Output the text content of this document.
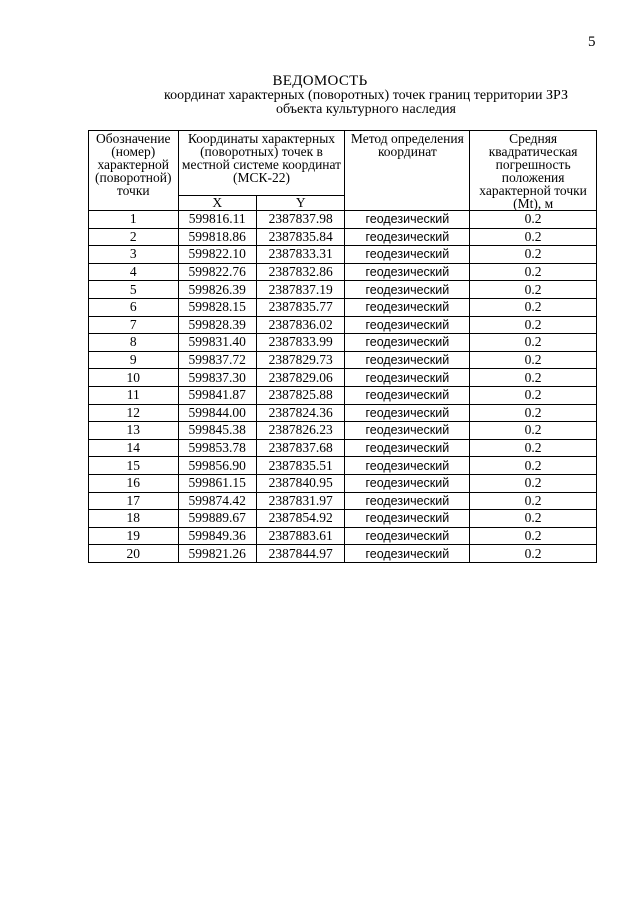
5
ВЕДОМОСТЬ
координат характерных (поворотных) точек границ территории ЗРЗ объекта культурного наследия
Обозначение (номер) характерной (поворотной) точки	Координаты характерных (поворотных) точек в местной системе координат (МСК-22)		Метод определения координат	Средняя квадратическая погрешность положения характерной точки (Mt), м
	X	Y		
1	599816.11	2387837.98	геодезический	0.2
2	599818.86	2387835.84	геодезический	0.2
3	599822.10	2387833.31	геодезический	0.2
4	599822.76	2387832.86	геодезический	0.2
5	599826.39	2387837.19	геодезический	0.2
6	599828.15	2387835.77	геодезический	0.2
7	599828.39	2387836.02	геодезический	0.2
8	599831.40	2387833.99	геодезический	0.2
9	599837.72	2387829.73	геодезический	0.2
10	599837.30	2387829.06	геодезический	0.2
11	599841.87	2387825.88	геодезический	0.2
12	599844.00	2387824.36	геодезический	0.2
13	599845.38	2387826.23	геодезический	0.2
14	599853.78	2387837.68	геодезический	0.2
15	599856.90	2387835.51	геодезический	0.2
16	599861.15	2387840.95	геодезический	0.2
17	599874.42	2387831.97	геодезический	0.2
18	599889.67	2387854.92	геодезический	0.2
19	599849.36	2387883.61	геодезический	0.2
20	599821.26	2387844.97	геодезический	0.2
